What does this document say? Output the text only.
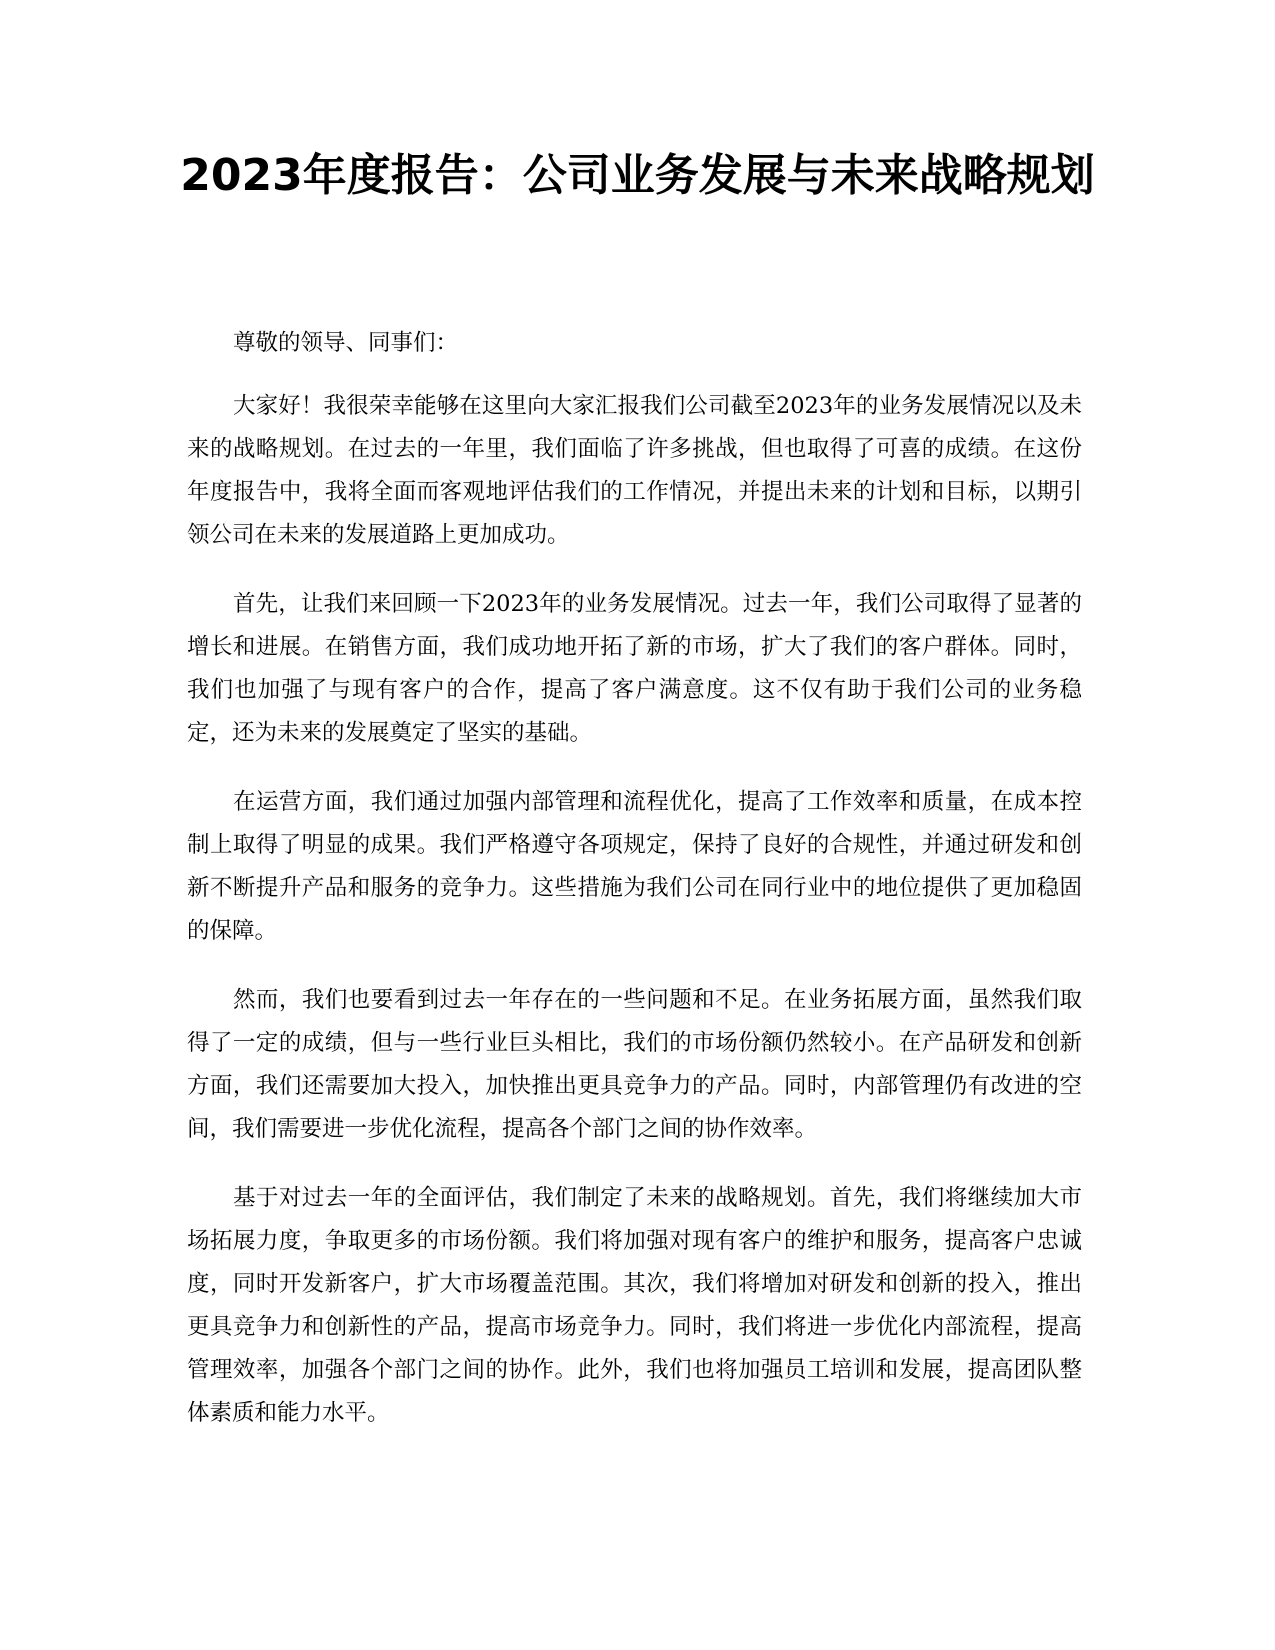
2023年度报告：公司业务发展与未来战略规划

尊敬的领导、同事们：

大家好！我很荣幸能够在这里向大家汇报我们公司截至2023年的业务发展情况以及未来的战略规划。在过去的一年里，我们面临了许多挑战，但也取得了可喜的成绩。在这份年度报告中，我将全面而客观地评估我们的工作情况，并提出未来的计划和目标，以期引领公司在未来的发展道路上更加成功。

首先，让我们来回顾一下2023年的业务发展情况。过去一年，我们公司取得了显著的增长和进展。在销售方面，我们成功地开拓了新的市场，扩大了我们的客户群体。同时，我们也加强了与现有客户的合作，提高了客户满意度。这不仅有助于我们公司的业务稳定，还为未来的发展奠定了坚实的基础。

在运营方面，我们通过加强内部管理和流程优化，提高了工作效率和质量，在成本控制上取得了明显的成果。我们严格遵守各项规定，保持了良好的合规性，并通过研发和创新不断提升产品和服务的竞争力。这些措施为我们公司在同行业中的地位提供了更加稳固的保障。

然而，我们也要看到过去一年存在的一些问题和不足。在业务拓展方面，虽然我们取得了一定的成绩，但与一些行业巨头相比，我们的市场份额仍然较小。在产品研发和创新方面，我们还需要加大投入，加快推出更具竞争力的产品。同时，内部管理仍有改进的空间，我们需要进一步优化流程，提高各个部门之间的协作效率。

基于对过去一年的全面评估，我们制定了未来的战略规划。首先，我们将继续加大市场拓展力度，争取更多的市场份额。我们将加强对现有客户的维护和服务，提高客户忠诚度，同时开发新客户，扩大市场覆盖范围。其次，我们将增加对研发和创新的投入，推出更具竞争力和创新性的产品，提高市场竞争力。同时，我们将进一步优化内部流程，提高管理效率，加强各个部门之间的协作。此外，我们也将加强员工培训和发展，提高团队整体素质和能力水平。
